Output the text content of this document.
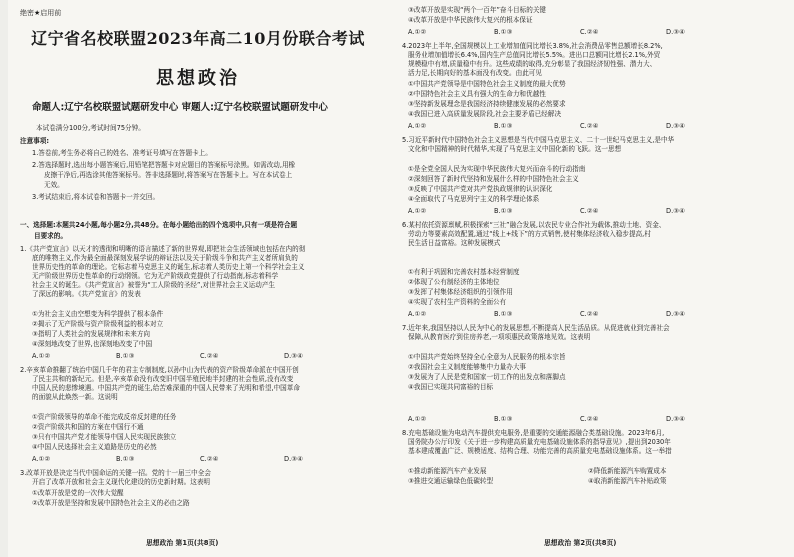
绝密★启用前
辽宁省名校联盟2023年高二10月份联合考试
思想政治
命题人:辽宁名校联盟试题研发中心 审题人:辽宁名校联盟试题研发中心
本试卷满分100分,考试时间75分钟。
注意事项:
1.答卷前,考生务必将自己的姓名、准考证号填写在答题卡上。
2.答选择题时,选出每小题答案后,用铅笔把答题卡对应题目的答案标号涂黑。如需改动,用橡
皮擦干净后,再选涂其他答案标号。答非选择题时,将答案写在答题卡上。写在本试卷上
无效。
3.考试结束后,将本试卷和答题卡一并交回。
一、选择题:本题共24小题,每小题2分,共48分。在每小题给出的四个选项中,只有一项是符合题
目要求的。
1.《共产党宣言》以天才的透彻和明晰的语言描述了新的世界观,即把社会生活领域也包括在内的彻
底的唯物主义,作为最全面最深刻发展学说的辩证法以及关于阶级斗争和共产主义者所肩负的
世界历史性的革命的理论。它标志着马克思主义的诞生,标志着人类历史上第一个科学社会主义
无产阶级世界历史性革命的行动纲领。它为无产阶级政党提供了行动指南,标志着科学
社会主义的诞生。《共产党宣言》被誉为“工人阶级的圣经”,对世界社会主义运动产生
了深远的影响。《共产党宣言》的发表
①为社会主义由空想变为科学提供了根本条件
②揭示了无产阶级与资产阶级利益的根本对立
③指明了人类社会的发展规律和未来方向
④深刻地改变了世界,也深刻地改变了中国
A.①②	B.①③	C.②④	D.③④
2.辛亥革命推翻了统治中国几千年的君主专制制度,以孙中山为代表的资产阶级革命派在中国开创
了民主共和的新纪元。但是,辛亥革命没有改变旧中国半殖民地半封建的社会性质,没有改变
中国人民的悲惨境遇。中国共产党的诞生,给苦难深重的中国人民带来了光明和希望,中国革命
的面貌从此焕然一新。这说明
①资产阶级领导的革命不能完成反帝反封建的任务
②资产阶级共和国的方案在中国行不通
③只有中国共产党才能领导中国人民实现民族独立
④中国人民选择社会主义道路是历史的必然
A.①②	B.①③	C.②④	D.③④
3.改革开放是决定当代中国命运的关键一招。党的十一届三中全会
开启了改革开放和社会主义现代化建设的历史新时期。这表明
①改革开放是党的一次伟大觉醒
②改革开放是坚持和发展中国特色社会主义的必由之路
思想政治 第1页(共8页)
③改革开放是实现“两个一百年”奋斗目标的关键
④改革开放是中华民族伟大复兴的根本保证
A.①②	B.①③	C.②④	D.③④
4.2023年上半年,全国规模以上工业增加值同比增长3.8%,社会消费品零售总额增长8.2%,
服务业增加值增长6.4%,国内生产总值同比增长5.5%。进出口总额同比增长2.1%,外贸
规模稳中有增,质量稳中有升。这些成绩的取得,充分彰显了我国经济韧性强、潜力大、
活力足,长期向好的基本面没有改变。由此可见
①中国共产党领导是中国特色社会主义制度的最大优势
②中国特色社会主义具有强大的生命力和优越性
③坚持新发展理念是我国经济持续健康发展的必然要求
④我国已进入高质量发展阶段,社会主要矛盾已经解决
A.①②	B.①③	C.②④	D.③④
5.习近平新时代中国特色社会主义思想是当代中国马克思主义、二十一世纪马克思主义,是中华
文化和中国精神的时代精华,实现了马克思主义中国化新的飞跃。这一思想
①是全党全国人民为实现中华民族伟大复兴而奋斗的行动指南
②深刻回答了新时代坚持和发展什么样的中国特色社会主义
③反映了中国共产党对共产党执政规律的认识深化
④全面取代了马克思列宁主义的科学理论体系
A.①②	B.①③	C.②④	D.③④
6.某村依托资源禀赋,积极探索“三社”融合发展,以农民专业合作社为载体,推动土地、资金、
劳动力等要素高效配置,通过“线上+线下”的方式销售,使村集体经济收入稳步提高,村
民生活日益富裕。这种发展模式
①有利于巩固和完善农村基本经营制度
②体现了公有制经济的主体地位
③发挥了村集体经济组织的引领作用
④实现了农村生产资料的全面公有
A.①②	B.①③	C.②④	D.③④
7.近年来,我国坚持以人民为中心的发展思想,不断提高人民生活品质。从促进就业到完善社会
保障,从教育医疗到住房养老,一项项惠民政策落地见效。这表明
①中国共产党始终坚持全心全意为人民服务的根本宗旨
②我国社会主义制度能够集中力量办大事
③发展为了人民是党和国家一切工作的出发点和落脚点
④我国已实现共同富裕的目标
A.①②	B.①③	C.②④	D.③④
8.充电基础设施为电动汽车提供充电服务,是重要的交通能源融合类基础设施。2023年6月,
国务院办公厅印发《关于进一步构建高质量充电基础设施体系的指导意见》,提出到2030年
基本建成覆盖广泛、规模适度、结构合理、功能完善的高质量充电基础设施体系。这一举措
①推动新能源汽车产业发展	②降低新能源汽车购置成本
③推进交通运输绿色低碳转型	④取消新能源汽车补贴政策
思想政治 第2页(共8页)
